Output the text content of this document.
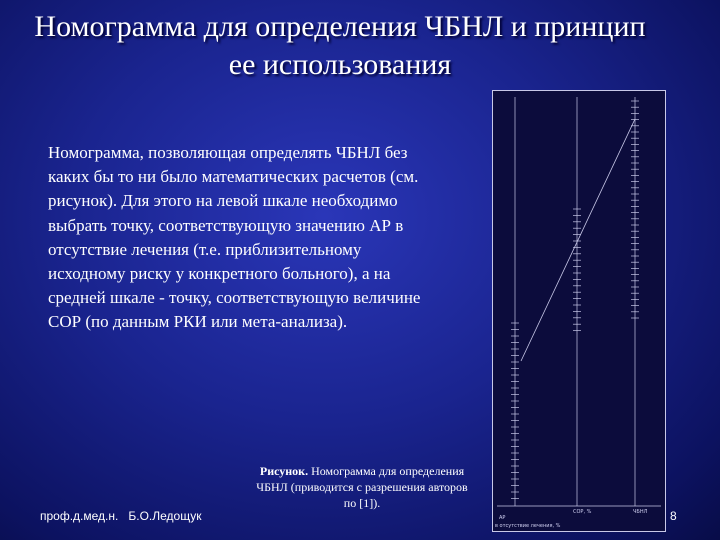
Номограмма для определения ЧБНЛ и принцип ее использования
Номограмма, позволяющая определять ЧБНЛ без каких бы то ни было математических расчетов (см. рисунок). Для этого на левой шкале необходимо выбрать точку, соответствующую значению АР в отсутствие лечения (т.е. приблизительному исходному риску у конкретного больного), а на средней шкале - точку, соответствующую величине СОР (по данным РКИ или мета-анализа).
АР
в отсутствие лечения, %
СОР, %	ЧБНЛ
Рисунок. Номограмма для определения ЧБНЛ (приводится с разрешения авторов по [1]).
проф.д.мед.н. Б.О.Ледощук	8
